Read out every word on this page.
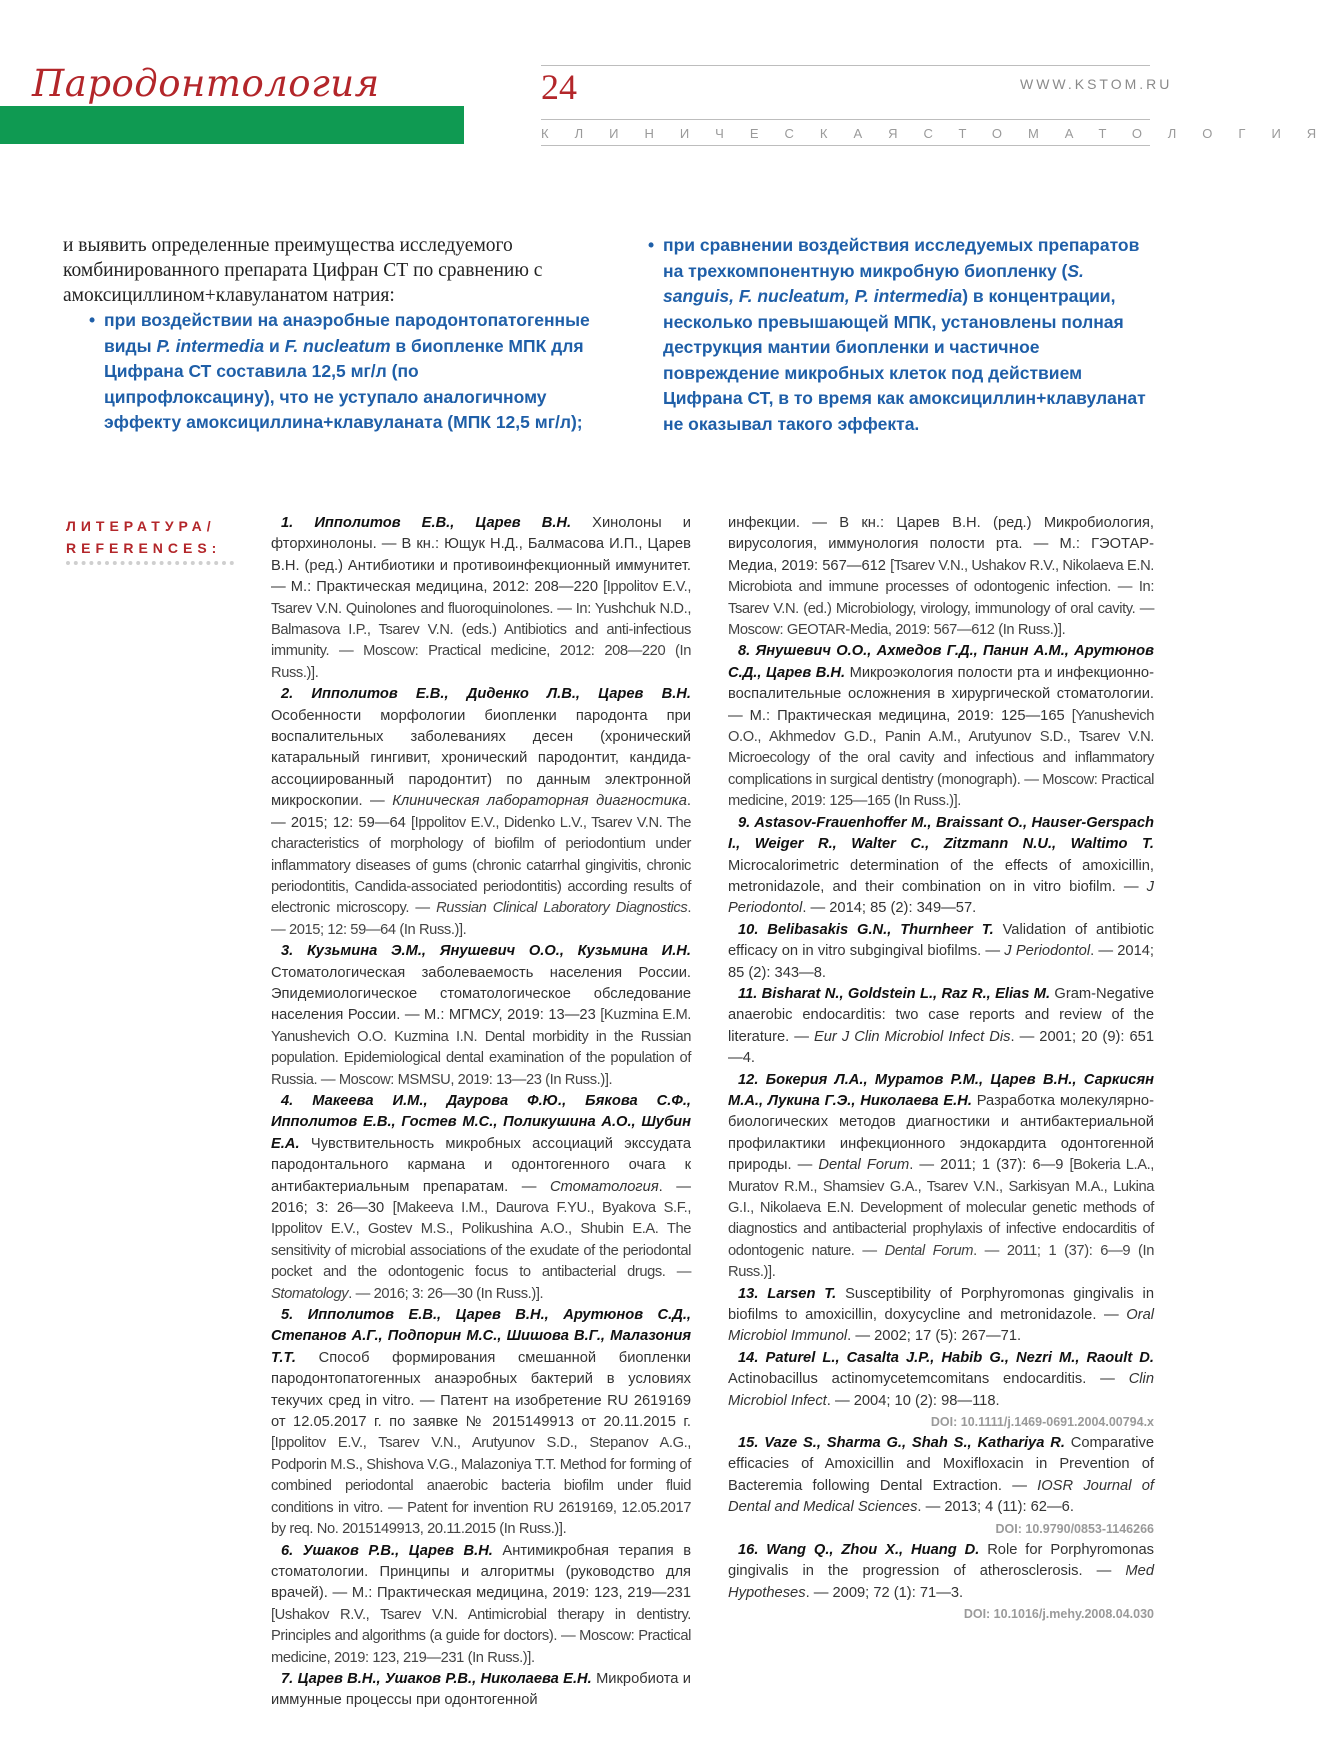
Пародонтология	24	WWW.KSTOM.RU
КЛИНИЧЕСКАЯ СТОМАТОЛОГИЯ
и выявить определенные преимущества исследуемого комбинированного препарата Цифран СТ по сравнению с амоксициллином+клавуланатом натрия:
• при воздействии на анаэробные пародонтопатогенные виды P. intermedia и F. nucleatum в биопленке МПК для Цифрана СТ составила 12,5 мг/л (по ципрофлоксацину), что не уступало аналогичному эффекту амоксициллина+клавуланата (МПК 12,5 мг/л);
• при сравнении воздействия исследуемых препаратов на трехкомпонентную микробную биопленку (S. sanguis, F. nucleatum, P. intermedia) в концентрации, несколько превышающей МПК, установлены полная деструкция мантии биопленки и частичное повреждение микробных клеток под действием Цифрана СТ, в то время как амоксициллин+клавуланат не оказывал такого эффекта.
ЛИТЕРАТУРА/
REFERENCES:

1. Ипполитов Е.В., Царев В.Н. Хинолоны и фторхинолоны. — В кн.: Ющук Н.Д., Балмасова И.П., Царев В.Н. (ред.) Антибиотики и противоинфекционный иммунитет. — М.: Практическая медицина, 2012: 208—220 [Ippolitov E.V., Tsarev V.N. Quinolones and fluoroquinolones. — In: Yushchuk N.D., Balmasova I.P., Tsarev V.N. (eds.) Antibiotics and anti-infectious immunity. — Moscow: Practical medicine, 2012: 208—220 (In Russ.)].

2. Ипполитов Е.В., Диденко Л.В., Царев В.Н. Особенности морфологии биопленки пародонта при воспалительных заболеваниях десен (хронический катаральный гингивит, хронический пародонтит, кандида-ассоциированный пародонтит) по данным электронной микроскопии. — Клиническая лабораторная диагностика. — 2015; 12: 59—64 [Ippolitov E.V., Didenko L.V., Tsarev V.N. The characteristics of morphology of biofilm of periodontium under inflammatory diseases of gums (chronic catarrhal gingivitis, chronic periodontitis, Candida-associated periodontitis) according results of electronic microscopy. — Russian Clinical Laboratory Diagnostics. — 2015; 12: 59—64 (In Russ.)].

3. Кузьмина Э.М., Янушевич О.О., Кузьмина И.Н. Стоматологическая заболеваемость населения России. Эпидемиологическое стоматологическое обследование населения России. — М.: МГМСУ, 2019: 13—23 [Kuzmina E.M. Yanushevich O.O. Kuzmina I.N. Dental morbidity in the Russian population. Epidemiological dental examination of the population of Russia. — Moscow: MSMSU, 2019: 13—23 (In Russ.)].

4. Макеева И.М., Даурова Ф.Ю., Бякова С.Ф., Ипполитов Е.В., Гостев М.С., Поликушина А.О., Шубин Е.А. Чувствительность микробных ассоциаций экссудата пародонтального кармана и одонтогенного очага к антибактериальным препаратам. — Стоматология. — 2016; 3: 26—30 [Makeeva I.M., Daurova F.YU., Byakova S.F., Ippolitov E.V., Gostev M.S., Polikushina A.O., Shubin E.A. The sensitivity of microbial associations of the exudate of the periodontal pocket and the odontogenic focus to antibacterial drugs. — Stomatology. — 2016; 3: 26—30 (In Russ.)].

5. Ипполитов Е.В., Царев В.Н., Арутюнов С.Д., Степанов А.Г., Подпорин М.С., Шишова В.Г., Малазония Т.Т. Способ формирования смешанной биопленки пародонтопатогенных анаэробных бактерий в условиях текучих сред in vitro. — Патент на изобретение RU 2619169 от 12.05.2017 г. по заявке № 2015149913 от 20.11.2015 г. [Ippolitov E.V., Tsarev V.N., Arutyunov S.D., Stepanov A.G., Podporin M.S., Shishova V.G., Malazoniya T.T. Method for forming of combined periodontal anaerobic bacteria biofilm under fluid conditions in vitro. — Patent for invention RU 2619169, 12.05.2017 by req. No. 2015149913, 20.11.2015 (In Russ.)].

6. Ушаков Р.В., Царев В.Н. Антимикробная терапия в стоматологии. Принципы и алгоритмы (руководство для врачей). — М.: Практическая медицина, 2019: 123, 219—231 [Ushakov R.V., Tsarev V.N. Antimicrobial therapy in dentistry. Principles and algorithms (a guide for doctors). — Moscow: Practical medicine, 2019: 123, 219—231 (In Russ.)].

7. Царев В.Н., Ушаков Р.В., Николаева Е.Н. Микробиота и иммунные процессы при одонтогенной

инфекции. — В кн.: Царев В.Н. (ред.) Микробиология, вирусология, иммунология полости рта. — М.: ГЭОТАР-Медиа, 2019: 567—612 [Tsarev V.N., Ushakov R.V., Nikolaeva E.N. Microbiota and immune processes of odontogenic infection. — In: Tsarev V.N. (ed.) Microbiology, virology, immunology of oral cavity. — Moscow: GEOTAR-Media, 2019: 567—612 (In Russ.)].

8. Янушевич О.О., Ахмедов Г.Д., Панин А.М., Арутюнов С.Д., Царев В.Н. Микроэкология полости рта и инфекционно-воспалительные осложнения в хирургической стоматологии. — М.: Практическая медицина, 2019: 125—165 [Yanushevich O.O., Akhmedov G.D., Panin A.M., Arutyunov S.D., Tsarev V.N. Microecology of the oral cavity and infectious and inflammatory complications in surgical dentistry (monograph). — Moscow: Practical medicine, 2019: 125—165 (In Russ.)].

9. Astasov-Frauenhoffer M., Braissant O., Hauser-Gerspach I., Weiger R., Walter C., Zitzmann N.U., Waltimo T. Microcalorimetric determination of the effects of amoxicillin, metronidazole, and their combination on in vitro biofilm. — J Periodontol. — 2014; 85 (2): 349—57.

10. Belibasakis G.N., Thurnheer T. Validation of antibiotic efficacy on in vitro subgingival biofilms. — J Periodontol. — 2014; 85 (2): 343—8.

11. Bisharat N., Goldstein L., Raz R., Elias M. Gram-Negative anaerobic endocarditis: two case reports and review of the literature. — Eur J Clin Microbiol Infect Dis. — 2001; 20 (9): 651—4.

12. Бокерия Л.А., Муратов Р.М., Царев В.Н., Саркисян М.А., Лукина Г.Э., Николаева Е.Н. Разработка молекулярно-биологических методов диагностики и антибактериальной профилактики инфекционного эндокардита одонтогенной природы. — Dental Forum. — 2011; 1 (37): 6—9 [Bokeria L.A., Muratov R.M., Shamsiev G.A., Tsarev V.N., Sarkisyan M.A., Lukina G.I., Nikolaeva E.N. Development of molecular genetic methods of diagnostics and antibacterial prophylaxis of infective endocarditis of odontogenic nature. — Dental Forum. — 2011; 1 (37): 6—9 (In Russ.)].

13. Larsen T. Susceptibility of Porphyromonas gingivalis in biofilms to amoxicillin, doxycycline and metronidazole. — Oral Microbiol Immunol. — 2002; 17 (5): 267—71.

14. Paturel L., Casalta J.P., Habib G., Nezri M., Raoult D. Actinobacillus actinomycetemcomitans endocarditis. — Clin Microbiol Infect. — 2004; 10 (2): 98—118.

DOI: 10.1111/j.1469-0691.2004.00794.x

15. Vaze S., Sharma G., Shah S., Kathariya R. Comparative efficacies of Amoxicillin and Moxifloxacin in Prevention of Bacteremia following Dental Extraction. — IOSR Journal of Dental and Medical Sciences. — 2013; 4 (11): 62—6.

DOI: 10.9790/0853-1146266

16. Wang Q., Zhou X., Huang D. Role for Porphyromonas gingivalis in the progression of atherosclerosis. — Med Hypotheses. — 2009; 72 (1): 71—3.

DOI: 10.1016/j.mehy.2008.04.030
